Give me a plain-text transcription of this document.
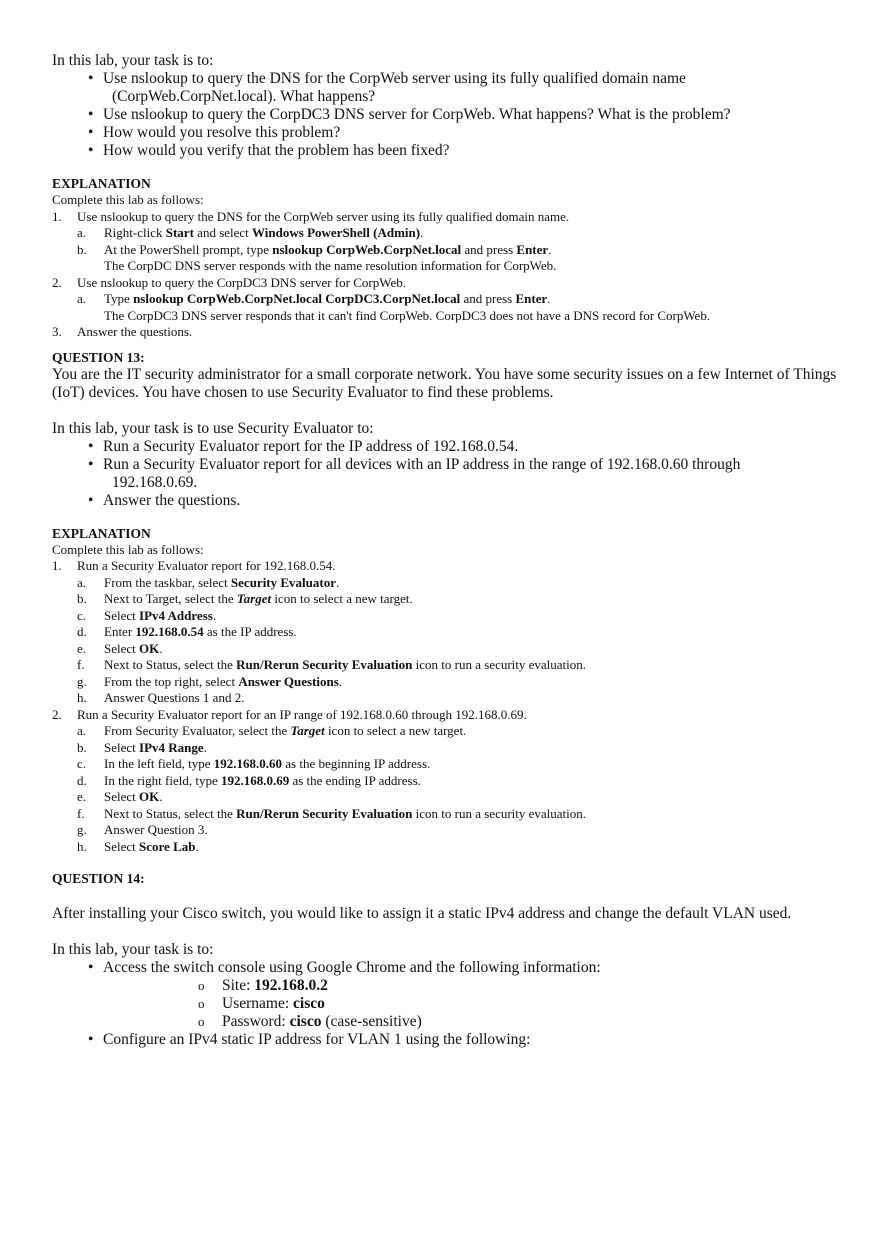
In this lab, your task is to:
• Use nslookup to query the DNS for the CorpWeb server using its fully qualified domain name
(CorpWeb.CorpNet.local). What happens?
• Use nslookup to query the CorpDC3 DNS server for CorpWeb. What happens? What is the problem?
• How would you resolve this problem?
• How would you verify that the problem has been fixed?
EXPLANATION
Complete this lab as follows:
1. Use nslookup to query the DNS for the CorpWeb server using its fully qualified domain name.
a. Right-click Start and select Windows PowerShell (Admin).
b. At the PowerShell prompt, type nslookup CorpWeb.CorpNet.local and press Enter.
The CorpDC DNS server responds with the name resolution information for CorpWeb.
2. Use nslookup to query the CorpDC3 DNS server for CorpWeb.
a. Type nslookup CorpWeb.CorpNet.local CorpDC3.CorpNet.local and press Enter.
The CorpDC3 DNS server responds that it can't find CorpWeb. CorpDC3 does not have a DNS record for CorpWeb.
3. Answer the questions.
QUESTION 13:
You are the IT security administrator for a small corporate network. You have some security issues on a few Internet of Things (IoT) devices. You have chosen to use Security Evaluator to find these problems.
In this lab, your task is to use Security Evaluator to:
• Run a Security Evaluator report for the IP address of 192.168.0.54.
• Run a Security Evaluator report for all devices with an IP address in the range of 192.168.0.60 through
192.168.0.69.
• Answer the questions.
EXPLANATION
Complete this lab as follows:
1. Run a Security Evaluator report for 192.168.0.54.
a. From the taskbar, select Security Evaluator.
b. Next to Target, select the Target icon to select a new target.
c. Select IPv4 Address.
d. Enter 192.168.0.54 as the IP address.
e. Select OK.
f. Next to Status, select the Run/Rerun Security Evaluation icon to run a security evaluation.
g. From the top right, select Answer Questions.
h. Answer Questions 1 and 2.
2. Run a Security Evaluator report for an IP range of 192.168.0.60 through 192.168.0.69.
a. From Security Evaluator, select the Target icon to select a new target.
b. Select IPv4 Range.
c. In the left field, type 192.168.0.60 as the beginning IP address.
d. In the right field, type 192.168.0.69 as the ending IP address.
e. Select OK.
f. Next to Status, select the Run/Rerun Security Evaluation icon to run a security evaluation.
g. Answer Question 3.
h. Select Score Lab.
QUESTION 14:
After installing your Cisco switch, you would like to assign it a static IPv4 address and change the default VLAN used.
In this lab, your task is to:
• Access the switch console using Google Chrome and the following information:
o Site: 192.168.0.2
o Username: cisco
o Password: cisco (case-sensitive)
• Configure an IPv4 static IP address for VLAN 1 using the following:
